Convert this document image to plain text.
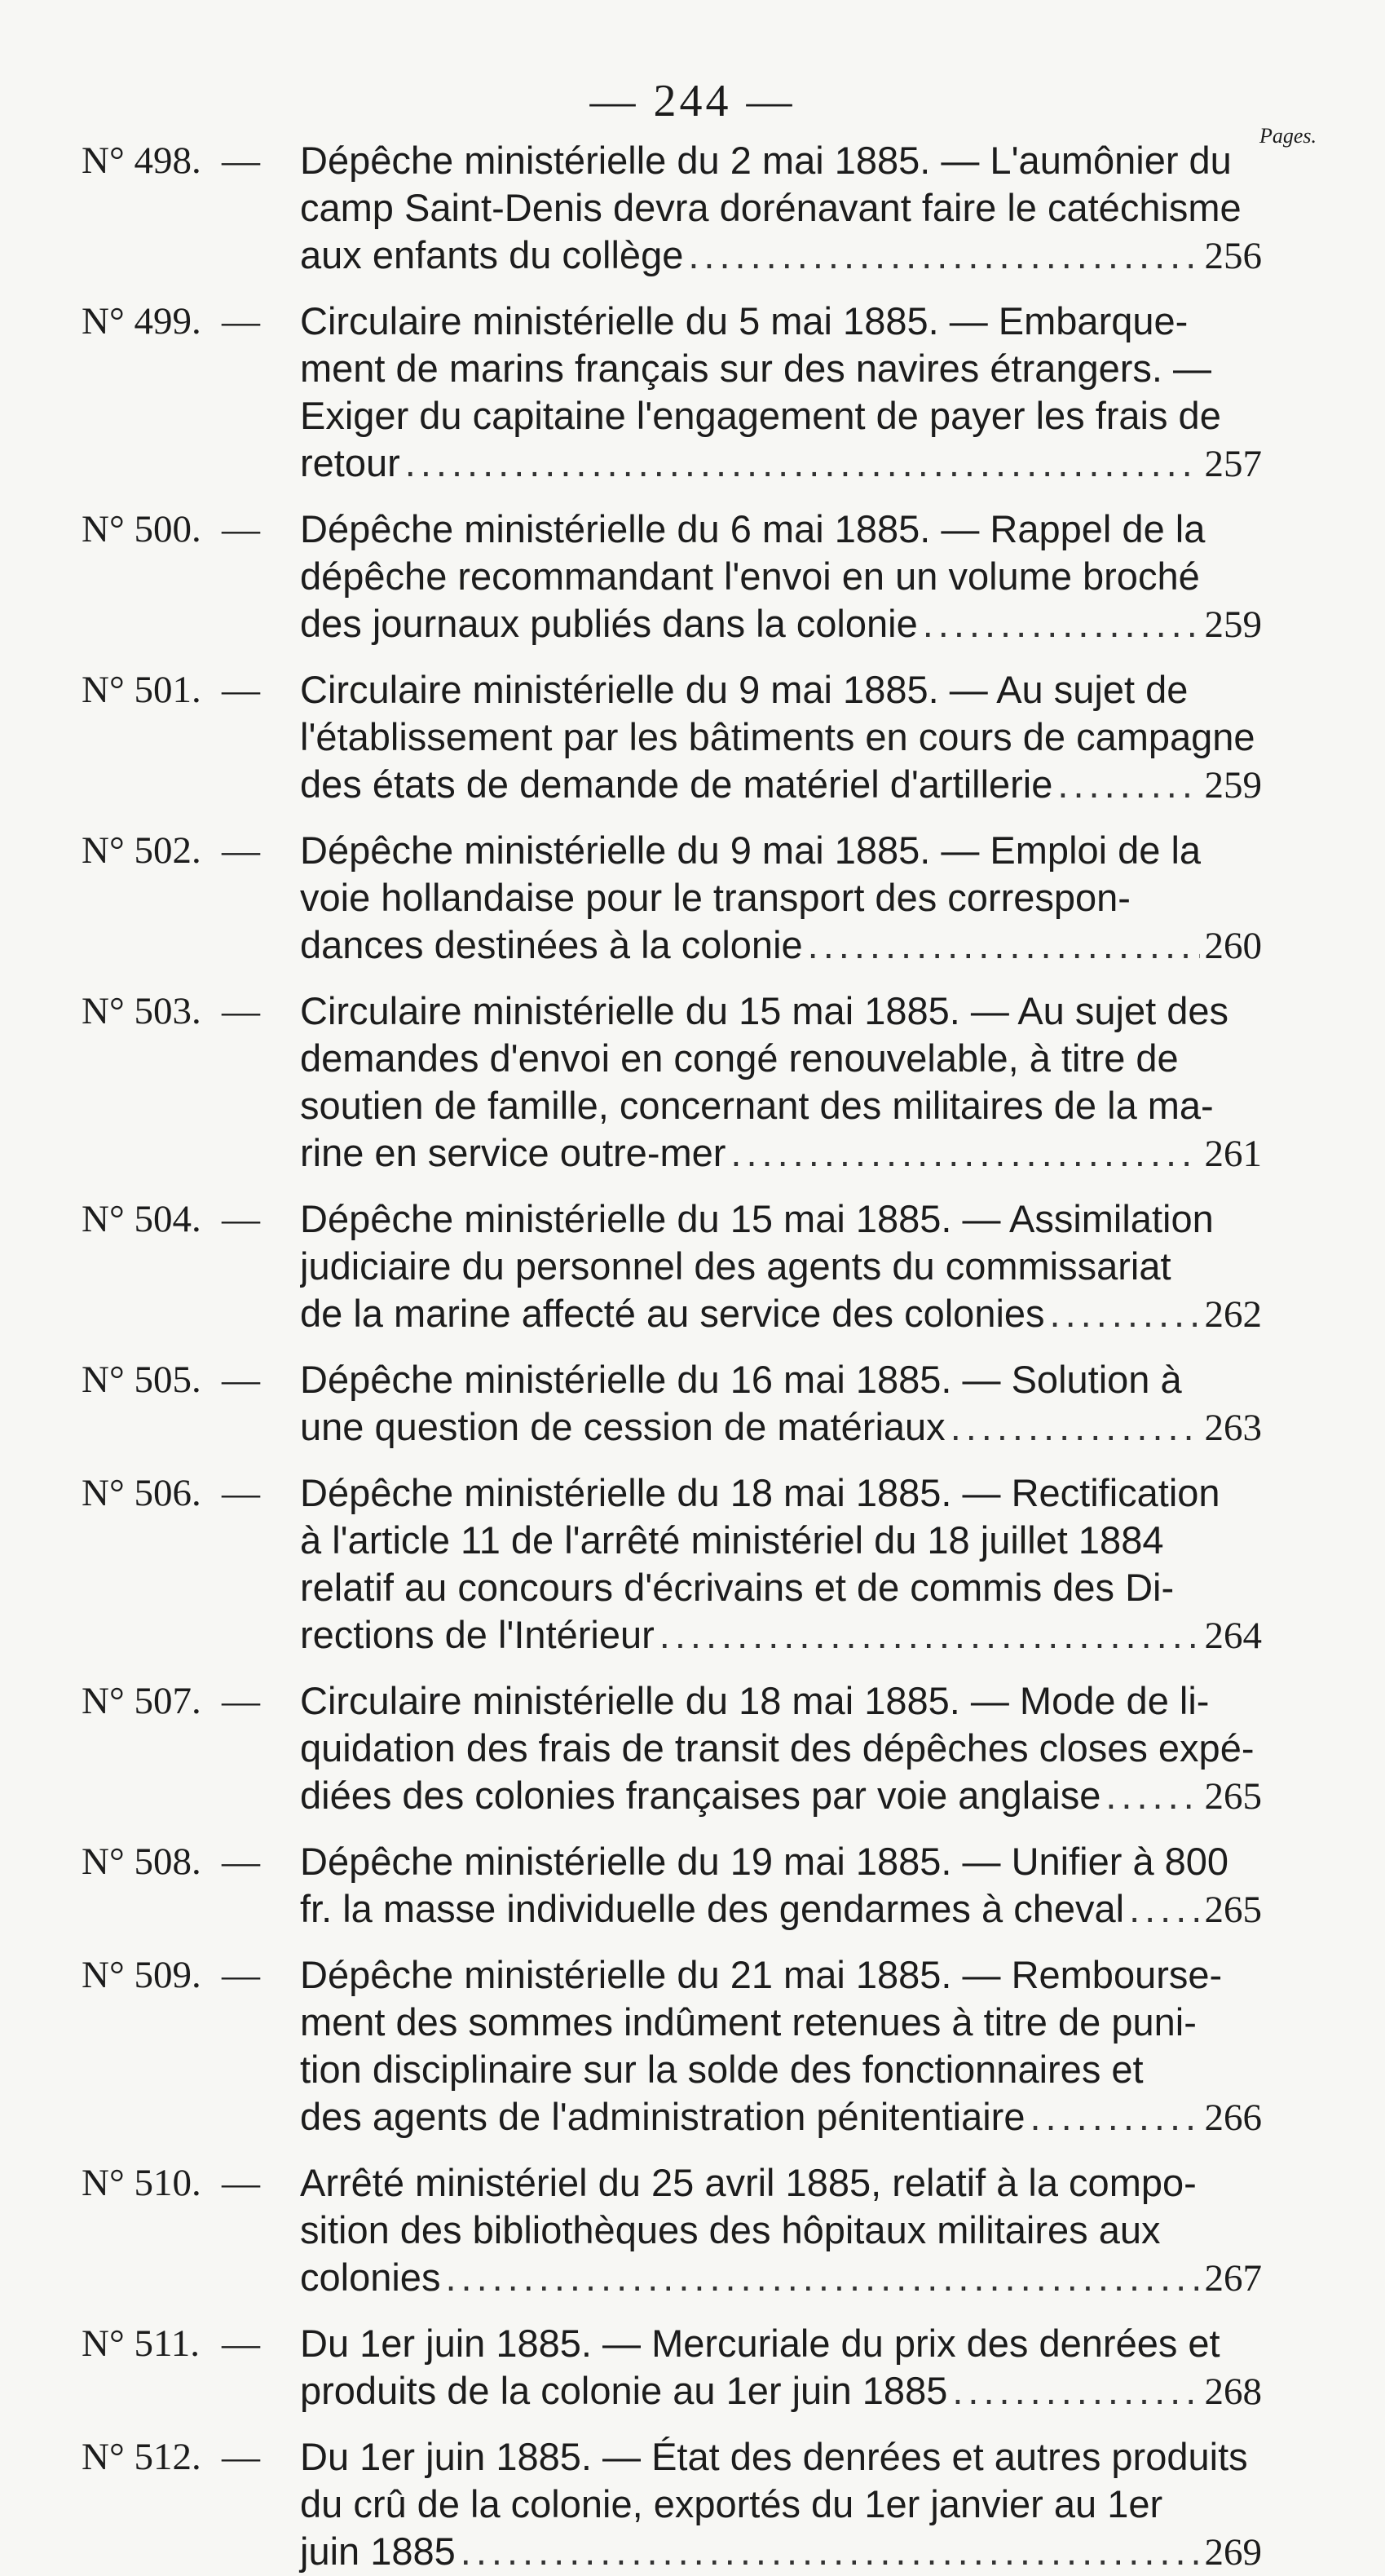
— 244 —
Pages.
N° 498. — Dépêche ministérielle du 2 mai 1885. — L'aumônier du
camp Saint-Denis devra dorénavant faire le catéchisme
aux enfants du collège .....	256
N° 499. — Circulaire ministérielle du 5 mai 1885. — Embarque-
ment de marins français sur des navires étrangers. —
Exiger du capitaine l'engagement de payer les frais de
retour .....	257
N° 500. — Dépêche ministérielle du 6 mai 1885. — Rappel de la
dépêche recommandant l'envoi en un volume broché
des journaux publiés dans la colonie .....	259
N° 501. — Circulaire ministérielle du 9 mai 1885. — Au sujet de
l'établissement par les bâtiments en cours de campagne
des états de demande de matériel d'artillerie .....	259
N° 502. — Dépêche ministérielle du 9 mai 1885. — Emploi de la
voie hollandaise pour le transport des correspon-
dances destinées à la colonie .....	260
N° 503. — Circulaire ministérielle du 15 mai 1885. — Au sujet des
demandes d'envoi en congé renouvelable, à titre de
soutien de famille, concernant des militaires de la ma-
rine en service outre-mer .....	261
N° 504. — Dépêche ministérielle du 15 mai 1885. — Assimilation
judiciaire du personnel des agents du commissariat
de la marine affecté au service des colonies .....	262
N° 505. — Dépêche ministérielle du 16 mai 1885. — Solution à
une question de cession de matériaux .....	263
N° 506. — Dépêche ministérielle du 18 mai 1885. — Rectification
à l'article 11 de l'arrêté ministériel du 18 juillet 1884
relatif au concours d'écrivains et de commis des Di-
rections de l'Intérieur .....	264
N° 507. — Circulaire ministérielle du 18 mai 1885. — Mode de li-
quidation des frais de transit des dépêches closes expé-
diées des colonies françaises par voie anglaise .....	265
N° 508. — Dépêche ministérielle du 19 mai 1885. — Unifier à 800
fr. la masse individuelle des gendarmes à cheval ..... 265
N° 509. — Dépêche ministérielle du 21 mai 1885. — Rembourse-
ment des sommes indûment retenues à titre de puni-
tion disciplinaire sur la solde des fonctionnaires et
des agents de l'administration pénitentiaire .....	266
N° 510. — Arrêté ministériel du 25 avril 1885, relatif à la compo-
sition des bibliothèques des hôpitaux militaires aux
colonies .....	267
N° 511. — Du 1er juin 1885. — Mercuriale du prix des denrées et
produits de la colonie au 1er juin 1885 .....	268
N° 512. — Du 1er juin 1885. — État des denrées et autres produits
du crû de la colonie, exportés du 1er janvier au 1er
juin 1885 .....	269
